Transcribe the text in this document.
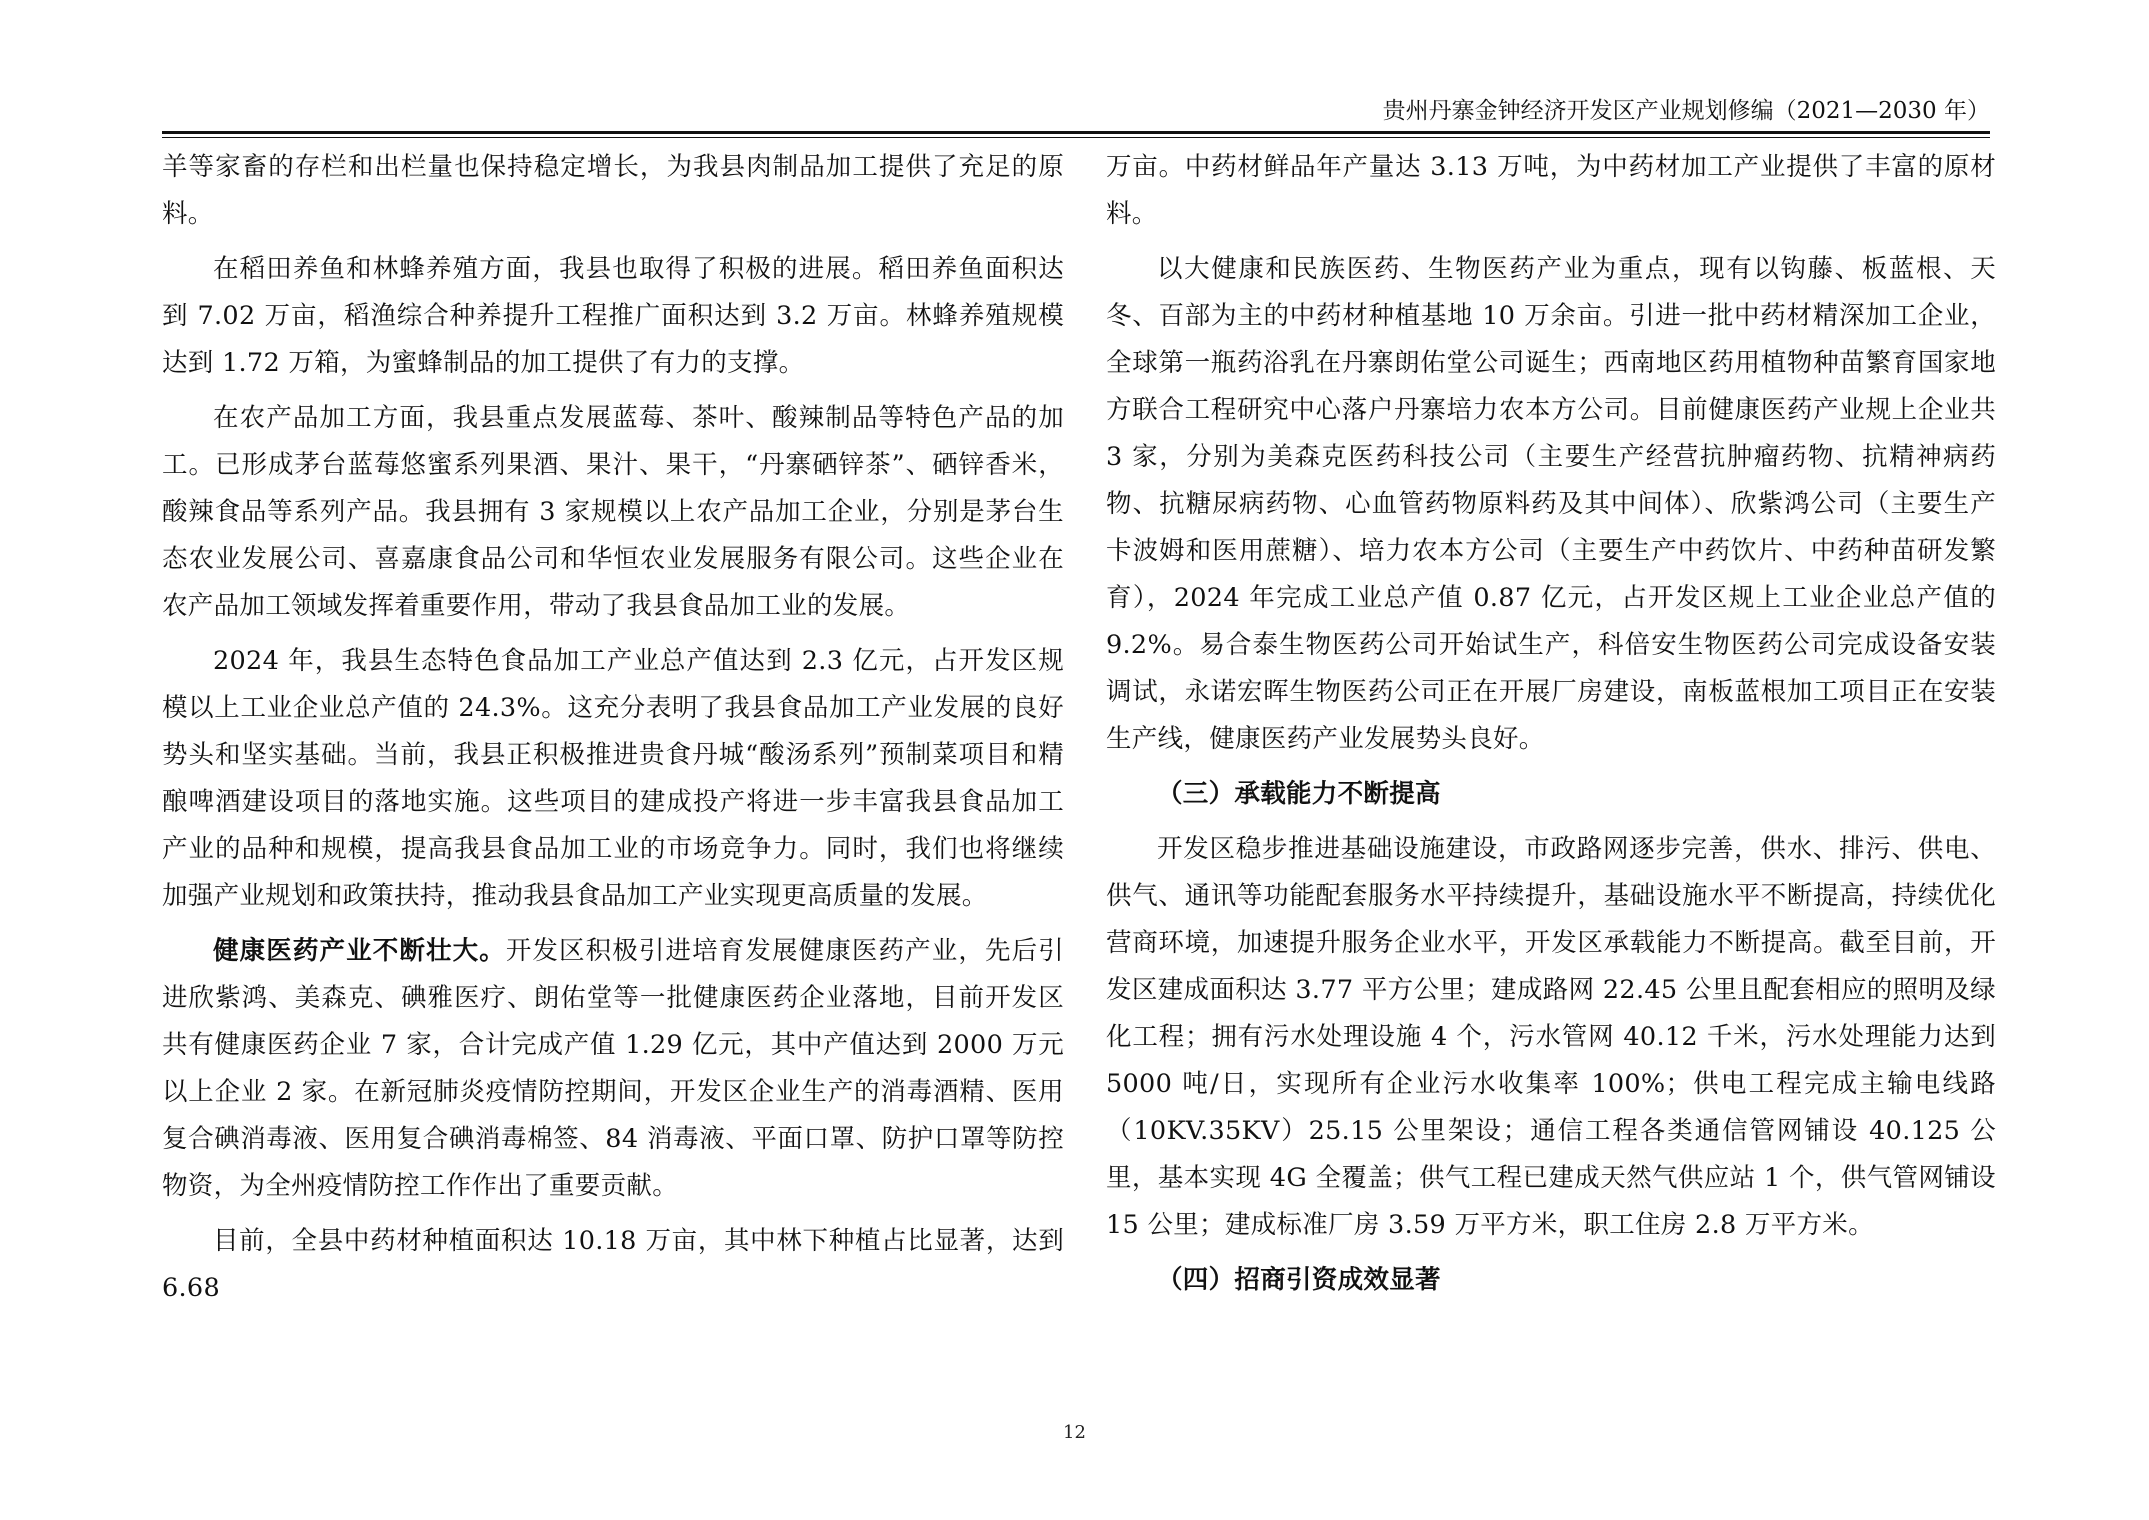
贵州丹寨金钟经济开发区产业规划修编（2021—2030 年）

羊等家畜的存栏和出栏量也保持稳定增长，为我县肉制品加工提供了充足的原料。

在稻田养鱼和林蜂养殖方面，我县也取得了积极的进展。稻田养鱼面积达到 7.02 万亩，稻渔综合种养提升工程推广面积达到 3.2 万亩。林蜂养殖规模达到 1.72 万箱，为蜜蜂制品的加工提供了有力的支撑。

在农产品加工方面，我县重点发展蓝莓、茶叶、酸辣制品等特色产品的加工。已形成茅台蓝莓悠蜜系列果酒、果汁、果干，“丹寨硒锌茶”、硒锌香米，酸辣食品等系列产品。我县拥有 3 家规模以上农产品加工企业，分别是茅台生态农业发展公司、喜嘉康食品公司和华恒农业发展服务有限公司。这些企业在农产品加工领域发挥着重要作用，带动了我县食品加工业的发展。

2024 年，我县生态特色食品加工产业总产值达到 2.3 亿元，占开发区规模以上工业企业总产值的 24.3%。这充分表明了我县食品加工产业发展的良好势头和坚实基础。当前，我县正积极推进贵食丹城“酸汤系列”预制菜项目和精酿啤酒建设项目的落地实施。这些项目的建成投产将进一步丰富我县食品加工产业的品种和规模，提高我县食品加工业的市场竞争力。同时，我们也将继续加强产业规划和政策扶持，推动我县食品加工产业实现更高质量的发展。

健康医药产业不断壮大。开发区积极引进培育发展健康医药产业，先后引进欣紫鸿、美森克、碘雅医疗、朗佑堂等一批健康医药企业落地，目前开发区共有健康医药企业 7 家，合计完成产值 1.29 亿元，其中产值达到 2000 万元以上企业 2 家。在新冠肺炎疫情防控期间，开发区企业生产的消毒酒精、医用复合碘消毒液、医用复合碘消毒棉签、84 消毒液、平面口罩、防护口罩等防控物资，为全州疫情防控工作作出了重要贡献。

目前，全县中药材种植面积达 10.18 万亩，其中林下种植占比显著，达到 6.68

万亩。中药材鲜品年产量达 3.13 万吨，为中药材加工产业提供了丰富的原材料。

以大健康和民族医药、生物医药产业为重点，现有以钩藤、板蓝根、天冬、百部为主的中药材种植基地 10 万余亩。引进一批中药材精深加工企业，全球第一瓶药浴乳在丹寨朗佑堂公司诞生；西南地区药用植物种苗繁育国家地方联合工程研究中心落户丹寨培力农本方公司。目前健康医药产业规上企业共 3 家，分别为美森克医药科技公司（主要生产经营抗肿瘤药物、抗精神病药物、抗糖尿病药物、心血管药物原料药及其中间体）、欣紫鸿公司（主要生产卡波姆和医用蔗糖）、培力农本方公司（主要生产中药饮片、中药种苗研发繁育），2024 年完成工业总产值 0.87 亿元，占开发区规上工业企业总产值的 9.2%。易合泰生物医药公司开始试生产，科倍安生物医药公司完成设备安装调试，永诺宏晖生物医药公司正在开展厂房建设，南板蓝根加工项目正在安装生产线，健康医药产业发展势头良好。

（三）承载能力不断提高

开发区稳步推进基础设施建设，市政路网逐步完善，供水、排污、供电、供气、通讯等功能配套服务水平持续提升，基础设施水平不断提高，持续优化营商环境，加速提升服务企业水平，开发区承载能力不断提高。截至目前，开发区建成面积达 3.77 平方公里；建成路网 22.45 公里且配套相应的照明及绿化工程；拥有污水处理设施 4 个，污水管网 40.12 千米，污水处理能力达到 5000 吨/日，实现所有企业污水收集率 100%；供电工程完成主输电线路（10KV.35KV）25.15 公里架设；通信工程各类通信管网铺设 40.125 公里，基本实现 4G 全覆盖；供气工程已建成天然气供应站 1 个，供气管网铺设 15 公里；建成标准厂房 3.59 万平方米，职工住房 2.8 万平方米。

（四）招商引资成效显著

12
